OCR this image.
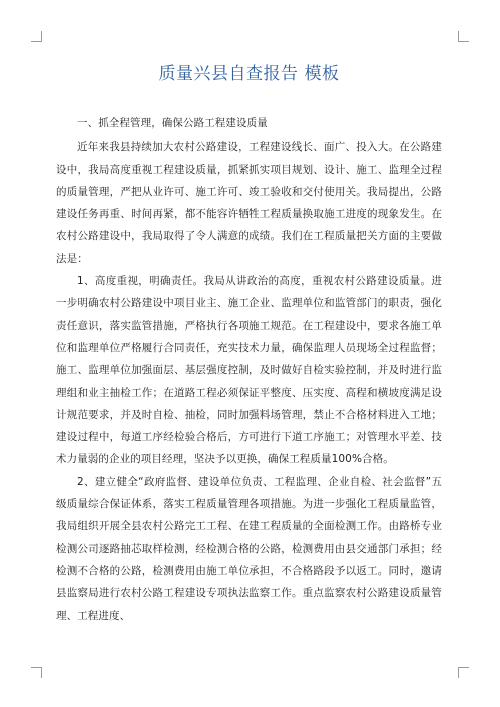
质量兴县自查报告 模板

一、抓全程管理，确保公路工程建设质量

近年来我县持续加大农村公路建设，工程建设线长、面广、投入大。在公路建设中，我局高度重视工程建设质量，抓紧抓实项目规划、设计、施工、监理全过程的质量管理，严把从业许可、施工许可、竣工验收和交付使用关。我局提出，公路建设任务再重、时间再紧，都不能容许牺牲工程质量换取施工进度的现象发生。在农村公路建设中，我局取得了令人满意的成绩。我们在工程质量把关方面的主要做法是：

1、高度重视，明确责任。我局从讲政治的高度，重视农村公路建设质量。进一步明确农村公路建设中项目业主、施工企业、监理单位和监管部门的职责，强化责任意识，落实监管措施，严格执行各项施工规范。在工程建设中，要求各施工单位和监理单位严格履行合同责任，充实技术力量，确保监理人员现场全过程监督；施工、监理单位加强面层、基层强度控制，及时做好自检实验控制，并及时进行监理组和业主抽检工作；在道路工程必须保证平整度、压实度、高程和横坡度满足设计规范要求，并及时自检、抽检，同时加强料场管理，禁止不合格材料进入工地；建设过程中，每道工序经检验合格后，方可进行下道工序施工；对管理水平差、技术力量弱的企业的项目经理，坚决予以更换，确保工程质量100%合格。

2、建立健全“政府监督、建设单位负责、工程监理、企业自检、社会监督”五级质量综合保证体系，落实工程质量管理各项措施。为进一步强化工程质量监管，我局组织开展全县农村公路完工工程、在建工程质量的全面检测工作。由路桥专业检测公司逐路抽芯取样检测，经检测合格的公路，检测费用由县交通部门承担；经检测不合格的公路，检测费用由施工单位承担，不合格路段予以返工。同时，邀请县监察局进行农村公路工程建设专项执法监察工作。重点监察农村公路建设质量管理、工程进度、
